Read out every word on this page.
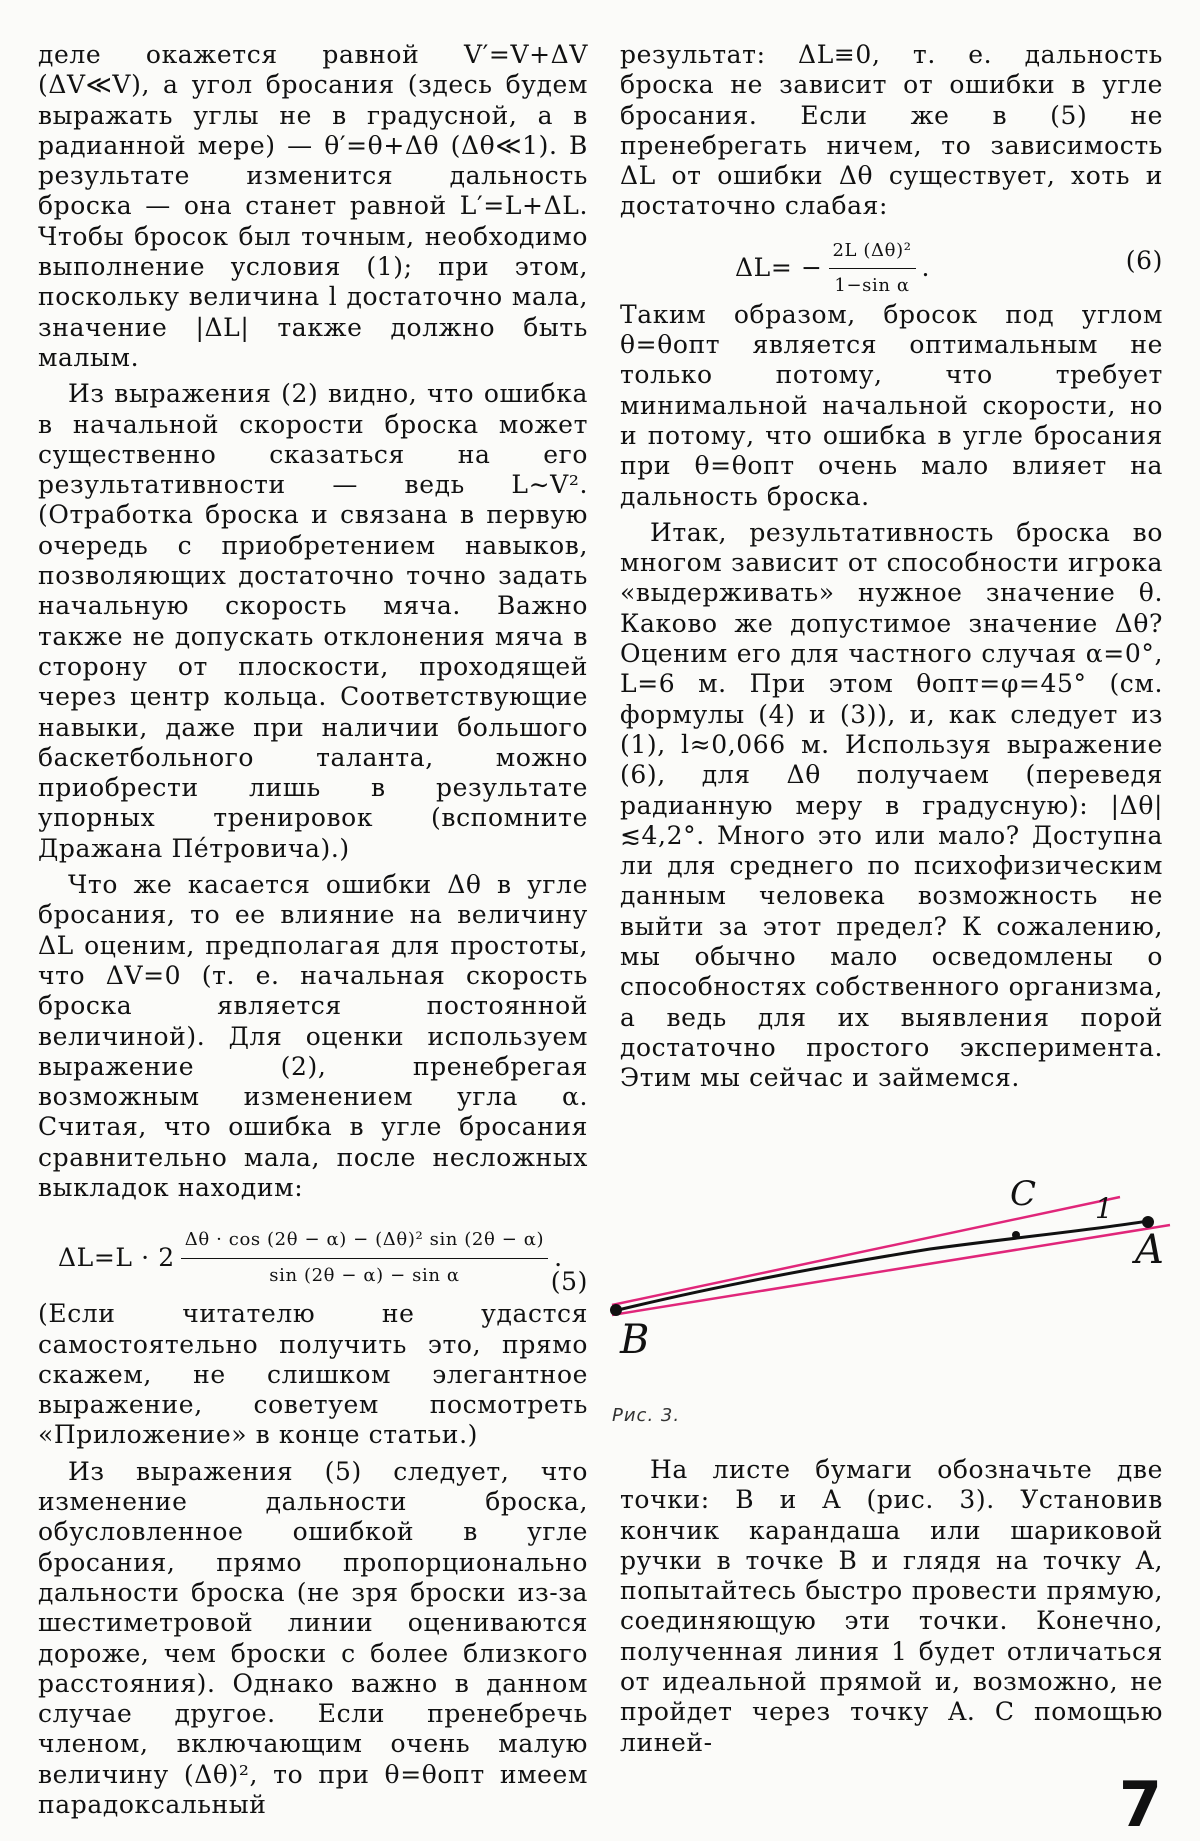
деле окажется равной V′=V+ΔV (ΔV≪V), а угол бросания (здесь будем выражать углы не в градусной, а в радианной мере) — θ′=θ+Δθ (Δθ≪1). В результате изменится дальность броска — она станет равной L′=L+ΔL. Чтобы бросок был точным, необходимо выполнение условия (1); при этом, поскольку величина l достаточно мала, значение |ΔL| также должно быть малым.

Из выражения (2) видно, что ошибка в начальной скорости броска может существенно сказаться на его результативности — ведь L∼V². (Отработка броска и связана в первую очередь с приобретением навыков, позволяющих достаточно точно задать начальную скорость мяча. Важно также не допускать отклонения мяча в сторону от плоскости, проходящей через центр кольца. Соответствующие навыки, даже при наличии большого баскетбольного таланта, можно приобрести лишь в результате упорных тренировок (вспомните Дражана Пéтровича).)

Что же касается ошибки Δθ в угле бросания, то ее влияние на величину ΔL оценим, предполагая для простоты, что ΔV=0 (т. е. начальная скорость броска является постоянной величиной). Для оценки используем выражение (2), пренебрегая возможным изменением угла α. Считая, что ошибка в угле бросания сравнительно мала, после несложных выкладок находим:

$\Delta L=L \cdot 2 \frac{\text{Δθ · cos (2θ − α) − (Δθ)² sin (2θ − α)}}{\text{sin (2θ − α) − sin α}}$ .
(5)

(Если читателю не удастся самостоятельно получить это, прямо скажем, не слишком элегантное выражение, советуем посмотреть «Приложение» в конце статьи.)

Из выражения (5) следует, что изменение дальности броска, обусловленное ошибкой в угле бросания, прямо пропорционально дальности броска (не зря броски из-за шестиметровой линии оцениваются дороже, чем броски с более близкого расстояния). Однако важно в данном случае другое. Если пренебречь членом, включающим очень малую величину (Δθ)², то при θ=θопт имеем парадоксальный

результат: ΔL≡0, т. е. дальность броска не зависит от ошибки в угле бросания. Если же в (5) не пренебрегать ничем, то зависимость ΔL от ошибки Δθ существует, хоть и достаточно слабая:

$\Delta L= - \frac{\text{2L (Δθ)²}}{\text{1−sin α}}$ .	(6)

Таким образом, бросок под углом θ=θопт является оптимальным не только потому, что требует минимальной начальной скорости, но и потому, что ошибка в угле бросания при θ=θопт очень мало влияет на дальность броска.

Итак, результативность броска во многом зависит от способности игрока «выдерживать» нужное значение θ. Каково же допустимое значение Δθ? Оценим его для частного случая α=0°, L=6 м. При этом θопт=φ=45° (см. формулы (4) и (3)), и, как следует из (1), l≈0,066 м. Используя выражение (6), для Δθ получаем (переведя радианную меру в градусную): |Δθ|≲4,2°. Много это или мало? Доступна ли для среднего по психофизическим данным человека возможность не выйти за этот предел? К сожалению, мы обычно мало осведомлены о способностях собственного организма, а ведь для их выявления порой достаточно простого эксперимента. Этим мы сейчас и займемся.

C 1
A
B
Рис. 3.

На листе бумаги обозначьте две точки: B и A (рис. 3). Установив кончик карандаша или шариковой ручки в точке B и глядя на точку A, попытайтесь быстро провести прямую, соединяющую эти точки. Конечно, полученная линия 1 будет отличаться от идеальной прямой и, возможно, не пройдет через точку A. С помощью линей-

7
